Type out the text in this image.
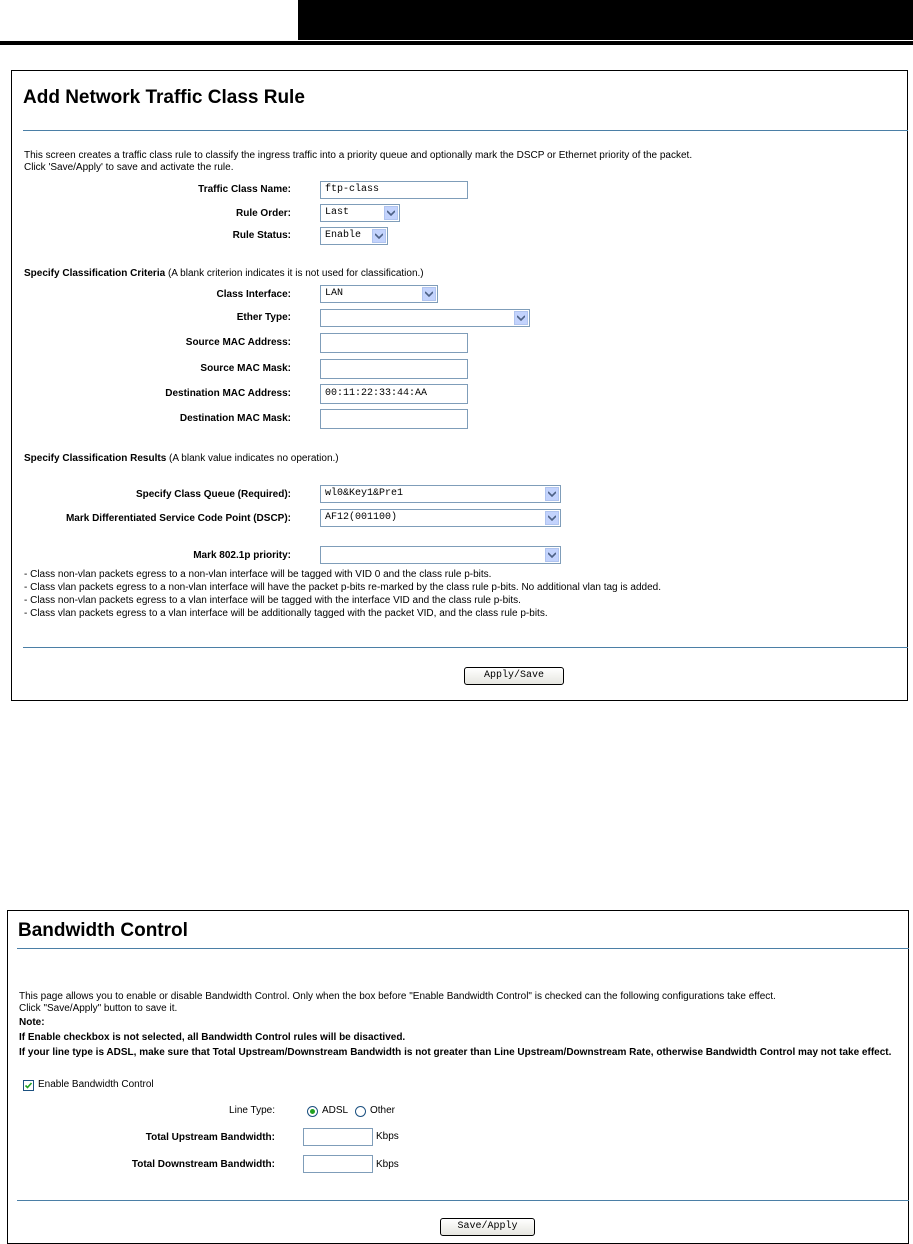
Add Network Traffic Class Rule
This screen creates a traffic class rule to classify the ingress traffic into a priority queue and optionally mark the DSCP or Ethernet priority of the packet.
Click 'Save/Apply' to save and activate the rule.
Traffic Class Name:	ftp-class
Rule Order:	Last
Rule Status:	Enable
Specify Classification Criteria (A blank criterion indicates it is not used for classification.)
Class Interface:	LAN
Ether Type:
Source MAC Address:
Source MAC Mask:
Destination MAC Address:	00:11:22:33:44:AA
Destination MAC Mask:
Specify Classification Results (A blank value indicates no operation.)
Specify Class Queue (Required):	wl0&Key1&Pre1
Mark Differentiated Service Code Point (DSCP):	AF12(001100)
Mark 802.1p priority:
- Class non-vlan packets egress to a non-vlan interface will be tagged with VID 0 and the class rule p-bits.
- Class vlan packets egress to a non-vlan interface will have the packet p-bits re-marked by the class rule p-bits. No additional vlan tag is added.
- Class non-vlan packets egress to a vlan interface will be tagged with the interface VID and the class rule p-bits.
- Class vlan packets egress to a vlan interface will be additionally tagged with the packet VID, and the class rule p-bits.
Apply/Save
Bandwidth Control
This page allows you to enable or disable Bandwidth Control. Only when the box before "Enable Bandwidth Control" is checked can the following configurations take effect.
Click "Save/Apply" button to save it.
Note:
If Enable checkbox is not selected, all Bandwidth Control rules will be disactived.
If your line type is ADSL, make sure that Total Upstream/Downstream Bandwidth is not greater than Line Upstream/Downstream Rate, otherwise Bandwidth Control may not take effect.
Enable Bandwidth Control
Line Type:	ADSL Other
Total Upstream Bandwidth:	Kbps
Total Downstream Bandwidth:	Kbps
Save/Apply
